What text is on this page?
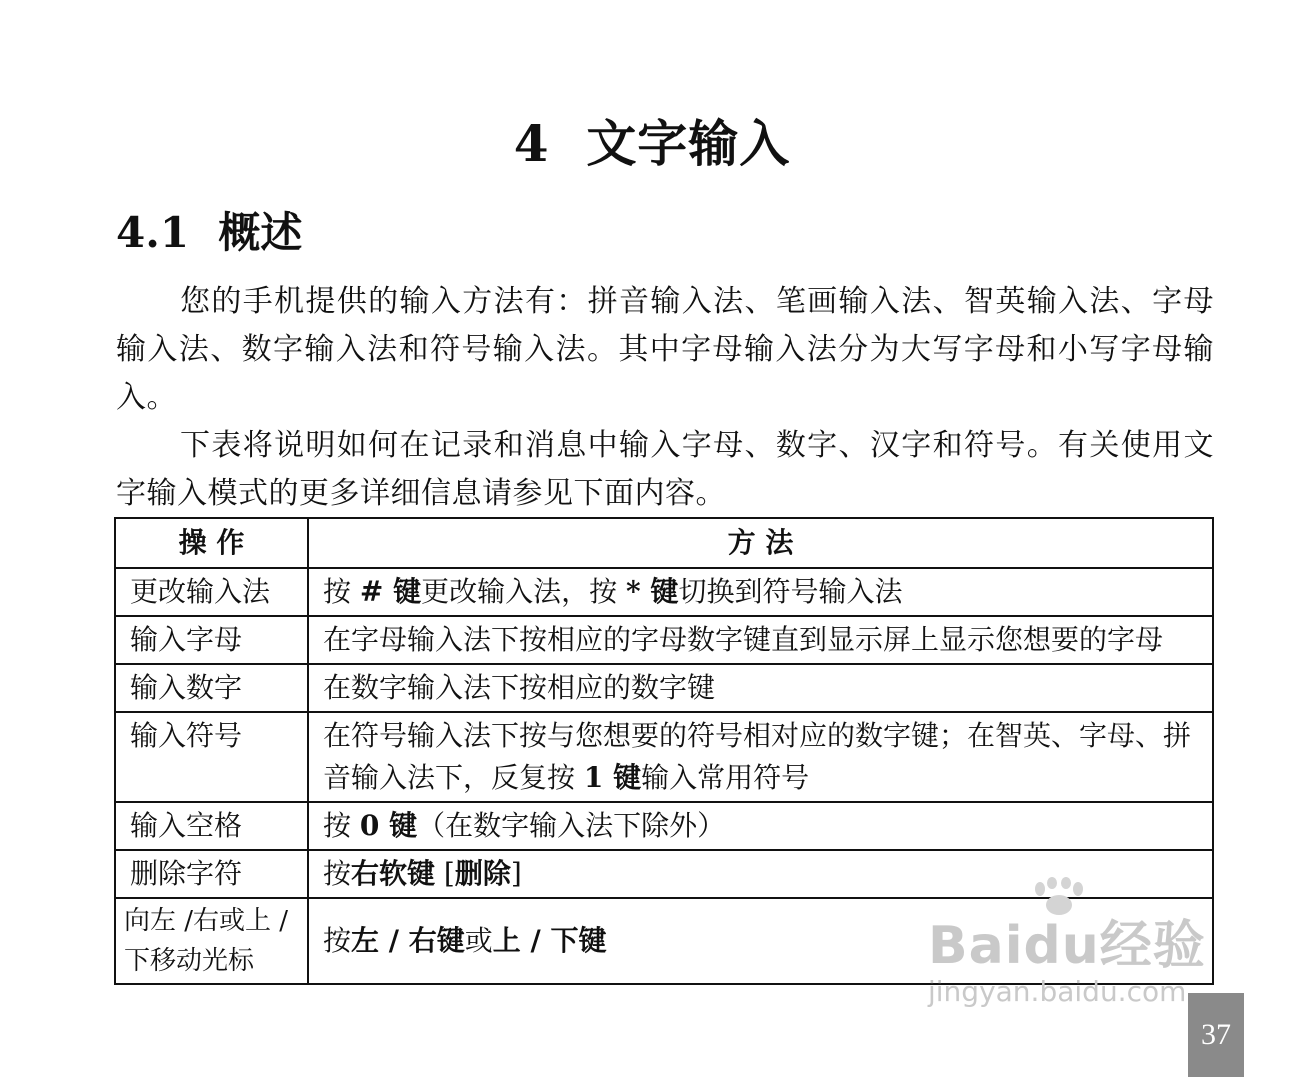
4 文字输入
4.1 概述

您的手机提供的输入方法有：拼音输入法、笔画输入法、智英输入法、字母输入法、数字输入法和符号输入法。其中字母输入法分为大写字母和小写字母输入。

下表将说明如何在记录和消息中输入字母、数字、汉字和符号。有关使用文字输入模式的更多详细信息请参见下面内容。

操 作	方 法
更改输入法	按 # 键更改输入法，按 * 键切换到符号输入法
输入字母	在字母输入法下按相应的字母数字键直到显示屏上显示您想要的字母
输入数字	在数字输入法下按相应的数字键
输入符号	在符号输入法下按与您想要的符号相对应的数字键；在智英、字母、拼音输入法下，反复按 1 键输入常用符号
输入空格	按 0 键（在数字输入法下除外）
删除字符	按右软键 [删除]
向左 /右或上 /下移动光标	按左 / 右键或上 / 下键	Baidu经验
jingyan.baidu.com
37
